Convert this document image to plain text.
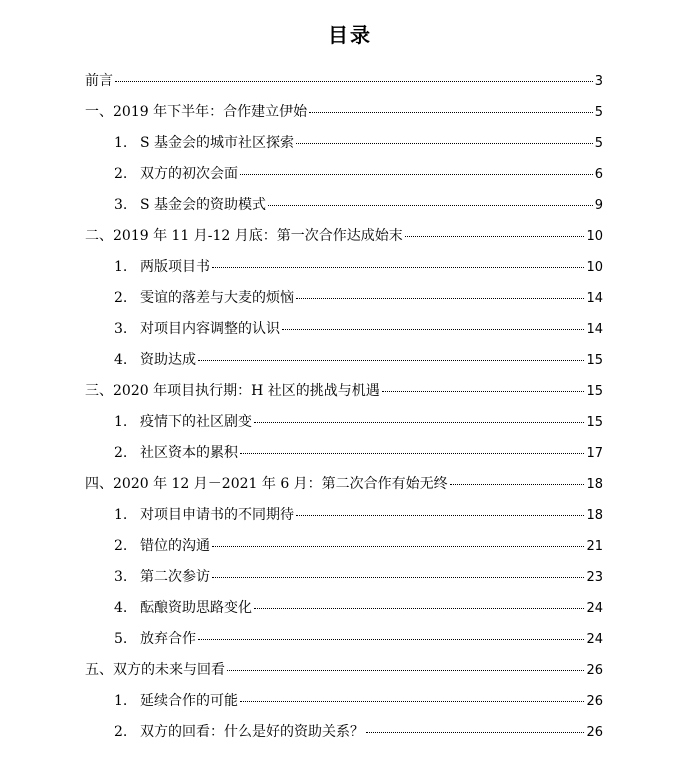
目录
前言	3
一、2019 年下半年：合作建立伊始	5
1. S 基金会的城市社区探索	5
2. 双方的初次会面	6
3. S 基金会的资助模式	9
二、2019 年 11 月-12 月底：第一次合作达成始末	10
1. 两版项目书	10
2. 雯谊的落差与大麦的烦恼	14
3. 对项目内容调整的认识	14
4. 资助达成	15
三、2020 年项目执行期：H 社区的挑战与机遇	15
1. 疫情下的社区剧变	15
2. 社区资本的累积	17
四、2020 年 12 月－2021 年 6 月：第二次合作有始无终	18
1. 对项目申请书的不同期待	18
2. 错位的沟通	21
3. 第二次参访	23
4. 酝酿资助思路变化	24
5. 放弃合作	24
五、双方的未来与回看	26
1. 延续合作的可能	26
2. 双方的回看：什么是好的资助关系？	26
